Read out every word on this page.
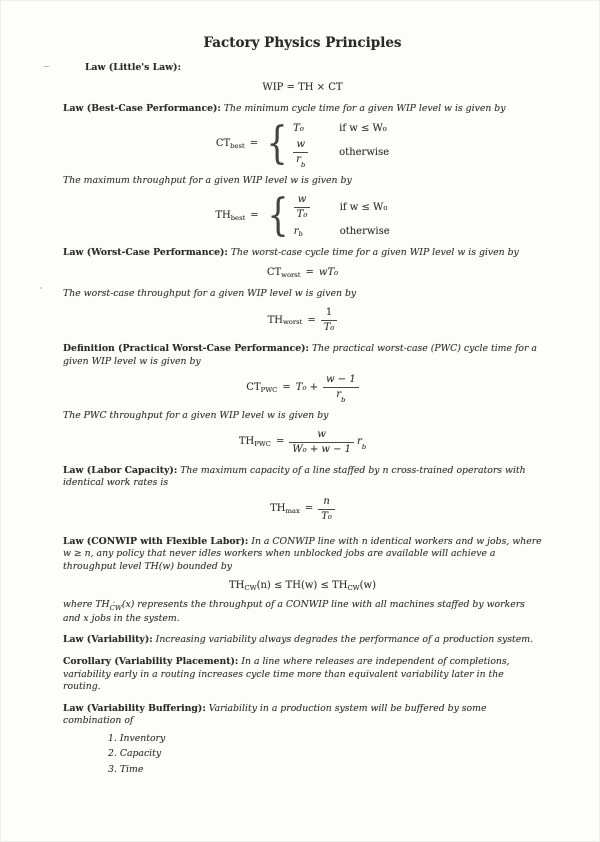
Factory Physics Principles

Law (Little's Law):

WIP = TH × CT

Law (Best-Case Performance): The minimum cycle time for a given WIP level w is given by

$CT_{best}$ = { T₀	if w ≤ W₀
$\frac{w}{r_b}$	otherwise

The maximum throughput for a given WIP level w is given by

$TH_{best}$ = { $\frac{w}{\text{T₀}}$	if w ≤ W₀
$r_b$	otherwise

Law (Worst-Case Performance): The worst-case cycle time for a given WIP level w is given by

$CT_{worst} = w$ T₀

The worst-case throughput for a given WIP level w is given by

$TH_{worst} = \frac{1}{\text{T₀}}$

Definition (Practical Worst-Case Performance): The practical worst-case (PWC) cycle time for a given WIP level w is given by

$CT_{PWC} = T_0 + \frac{w - 1}{r_b}$

The PWC throughput for a given WIP level w is given by

$TH_{PWC} = \frac{w}{\text{W₀ + w − 1}} r_b$

Law (Labor Capacity): The maximum capacity of a line staffed by n cross-trained operators with identical work rates is

$TH_{max} = \frac{n}{\text{T₀}}$

Law (CONWIP with Flexible Labor): In a CONWIP line with n identical workers and w jobs, where w ≥ n, any policy that never idles workers when unblocked jobs are available will achieve a throughput level TH(w) bounded by

$TH_{CW}$ $(n) \le TH(w) \le TH_{CW}$ (w)

where $TH_{CW}(x)$ represents the throughput of a CONWIP line with all machines staffed by workers and x jobs in the system.

Law (Variability): Increasing variability always degrades the performance of a production system.

Corollary (Variability Placement): In a line where releases are independent of completions, variability early in a routing increases cycle time more than equivalent variability later in the routing.

Law (Variability Buffering): Variability in a production system will be buffered by some combination of

1. Inventory
2. Capacity
3. Time
